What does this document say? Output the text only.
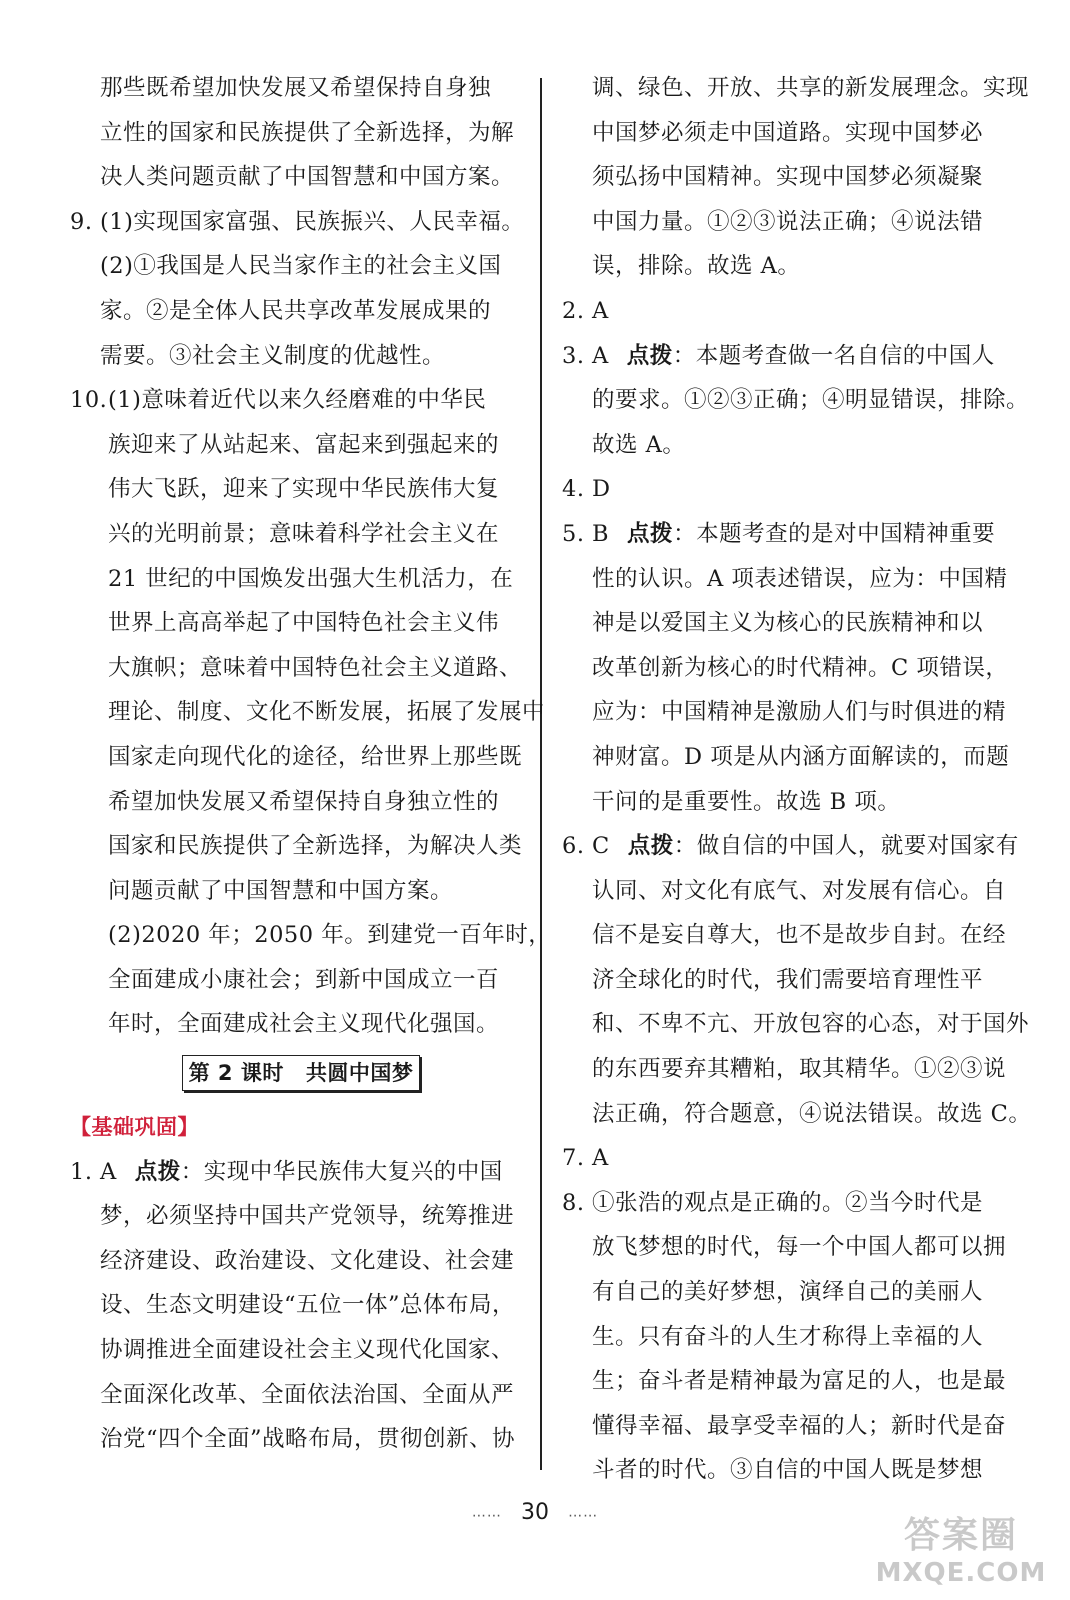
那些既希望加快发展又希望保持自身独
立性的国家和民族提供了全新选择，为解
决人类问题贡献了中国智慧和中国方案。
9. (1)实现国家富强、民族振兴、人民幸福。
(2)①我国是人民当家作主的社会主义国
家。②是全体人民共享改革发展成果的
需要。③社会主义制度的优越性。
10.(1)意味着近代以来久经磨难的中华民
族迎来了从站起来、富起来到强起来的
伟大飞跃，迎来了实现中华民族伟大复
兴的光明前景；意味着科学社会主义在
21 世纪的中国焕发出强大生机活力，在
世界上高高举起了中国特色社会主义伟
大旗帜；意味着中国特色社会主义道路、
理论、制度、文化不断发展，拓展了发展中
国家走向现代化的途径，给世界上那些既
希望加快发展又希望保持自身独立性的
国家和民族提供了全新选择，为解决人类
问题贡献了中国智慧和中国方案。
(2)2020 年；2050 年。到建党一百年时，
全面建成小康社会；到新中国成立一百
年时，全面建成社会主义现代化强国。
第 2 课时 共圆中国梦
【基础巩固】
1. A 点拨：实现中华民族伟大复兴的中国
梦，必须坚持中国共产党领导，统筹推进
经济建设、政治建设、文化建设、社会建
设、生态文明建设“五位一体”总体布局，
协调推进全面建设社会主义现代化国家、
全面深化改革、全面依法治国、全面从严
治党“四个全面”战略布局，贯彻创新、协
调、绿色、开放、共享的新发展理念。实现
中国梦必须走中国道路。实现中国梦必
须弘扬中国精神。实现中国梦必须凝聚
中国力量。①②③说法正确；④说法错
误，排除。故选 A。
2. A
3. A 点拨：本题考查做一名自信的中国人
的要求。①②③正确；④明显错误，排除。
故选 A。
4. D
5. B 点拨：本题考查的是对中国精神重要
性的认识。A 项表述错误，应为：中国精
神是以爱国主义为核心的民族精神和以
改革创新为核心的时代精神。C 项错误，
应为：中国精神是激励人们与时俱进的精
神财富。D 项是从内涵方面解读的，而题
干问的是重要性。故选 B 项。
6. C 点拨：做自信的中国人，就要对国家有
认同、对文化有底气、对发展有信心。自
信不是妄自尊大，也不是故步自封。在经
济全球化的时代，我们需要培育理性平
和、不卑不亢、开放包容的心态，对于国外
的东西要弃其糟粕，取其精华。①②③说
法正确，符合题意，④说法错误。故选 C。
7. A
8. ①张浩的观点是正确的。②当今时代是
放飞梦想的时代，每一个中国人都可以拥
有自己的美好梦想，演绎自己的美丽人
生。只有奋斗的人生才称得上幸福的人
生；奋斗者是精神最为富足的人，也是最
懂得幸福、最享受幸福的人；新时代是奋
斗者的时代。③自信的中国人既是梦想
…… 30 ……
答案圈
MXQE.COM
